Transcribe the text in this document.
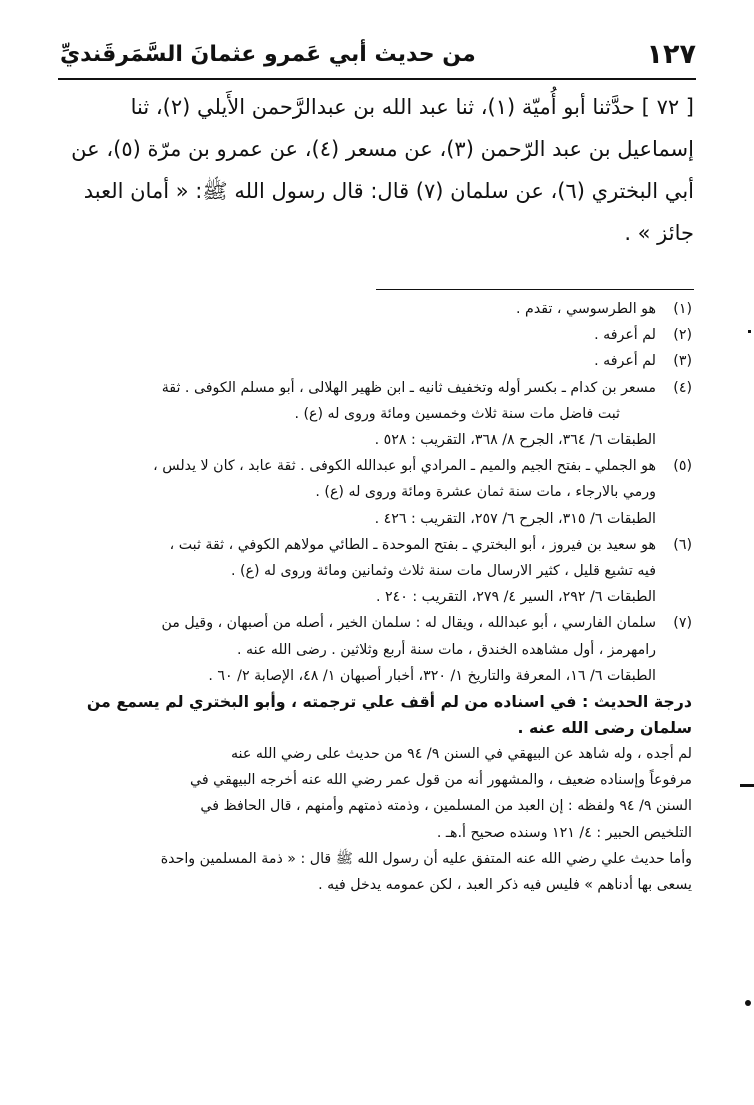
١٢٧
من حديث أبي عَمرو عثمانَ السَّمَرقَنديِّ
[ ٧٢ ] حدَّثنا أبو أُميّة (١)، ثنا عبد الله بن عبدالرَّحمن الأَيلي (٢)، ثنا
إسماعيل بن عبد الرّحمن (٣)، عن مسعر (٤)، عن عمرو بن مرّة (٥)، عن
أبي البختري (٦)، عن سلمان (٧) قال: قال رسول الله ﷺ: « أمان العبد
جائز » .
(١)
هو الطرسوسي ، تقدم .
(٢)
لم أعرفه .
(٣)
لم أعرفه .
(٤)
مسعر بن كدام ـ بكسر أوله وتخفيف ثانيه ـ ابن ظهير الهلالى ، أبو مسلم الكوفى . ثقة
ثبت فاضل مات سنة ثلاث وخمسين ومائة وروى له (ع) .
الطبقات ٦/ ٣٦٤، الجرح ٨/ ٣٦٨، التقريب : ٥٢٨ .
(٥)
هو الجملي ـ بفتح الجيم والميم ـ المرادي أبو عبدالله الكوفى . ثقة عابد ، كان لا يدلس ،
ورمي بالارجاء ، مات سنة ثمان عشرة ومائة وروى له (ع) .
الطبقات ٦/ ٣١٥، الجرح ٦/ ٢٥٧، التقريب : ٤٢٦ .
(٦)
هو سعيد بن فيروز ، أبو البختري ـ بفتح الموحدة ـ الطائي مولاهم الكوفي ، ثقة ثبت ،
فيه تشيع قليل ، كثير الارسال مات سنة ثلاث وثمانين ومائة وروى له (ع) .
الطبقات ٦/ ٢٩٢، السير ٤/ ٢٧٩، التقريب : ٢٤٠ .
(٧)
سلمان الفارسي ، أبو عبدالله ، ويقال له : سلمان الخير ، أصله من أصبهان ، وقيل من
رامهرمز ، أول مشاهده الخندق ، مات سنة أربع وثلاثين . رضى الله عنه .
الطبقات ٦/ ١٦، المعرفة والتاريخ ١/ ٣٢٠، أخبار أصبهان ١/ ٤٨، الإصابة ٢/ ٦٠ .
درجة الحديث : في اسناده من لم أقف علي ترجمته ، وأبو البختري لم يسمع من
سلمان رضى الله عنه .
لم أجده ، وله شاهد عن البيهقي في السنن ٩/ ٩٤ من حديث على رضي الله عنه
مرفوعاً وإسناده ضعيف ، والمشهور أنه من قول عمر رضي الله عنه أخرجه البيهقي في
السنن ٩/ ٩٤ ولفظه : إن العبد من المسلمين ، وذمته ذمتهم وأمنهم ، قال الحافظ في
التلخيص الحبير : ٤/ ١٢١ وسنده صحيح أ.هـ .
وأما حديث علي رضي الله عنه المتفق عليه أن رسول الله ﷺ قال : « ذمة المسلمين واحدة
يسعى بها أدناهم » فليس فيه ذكر العبد ، لكن عمومه يدخل فيه .
